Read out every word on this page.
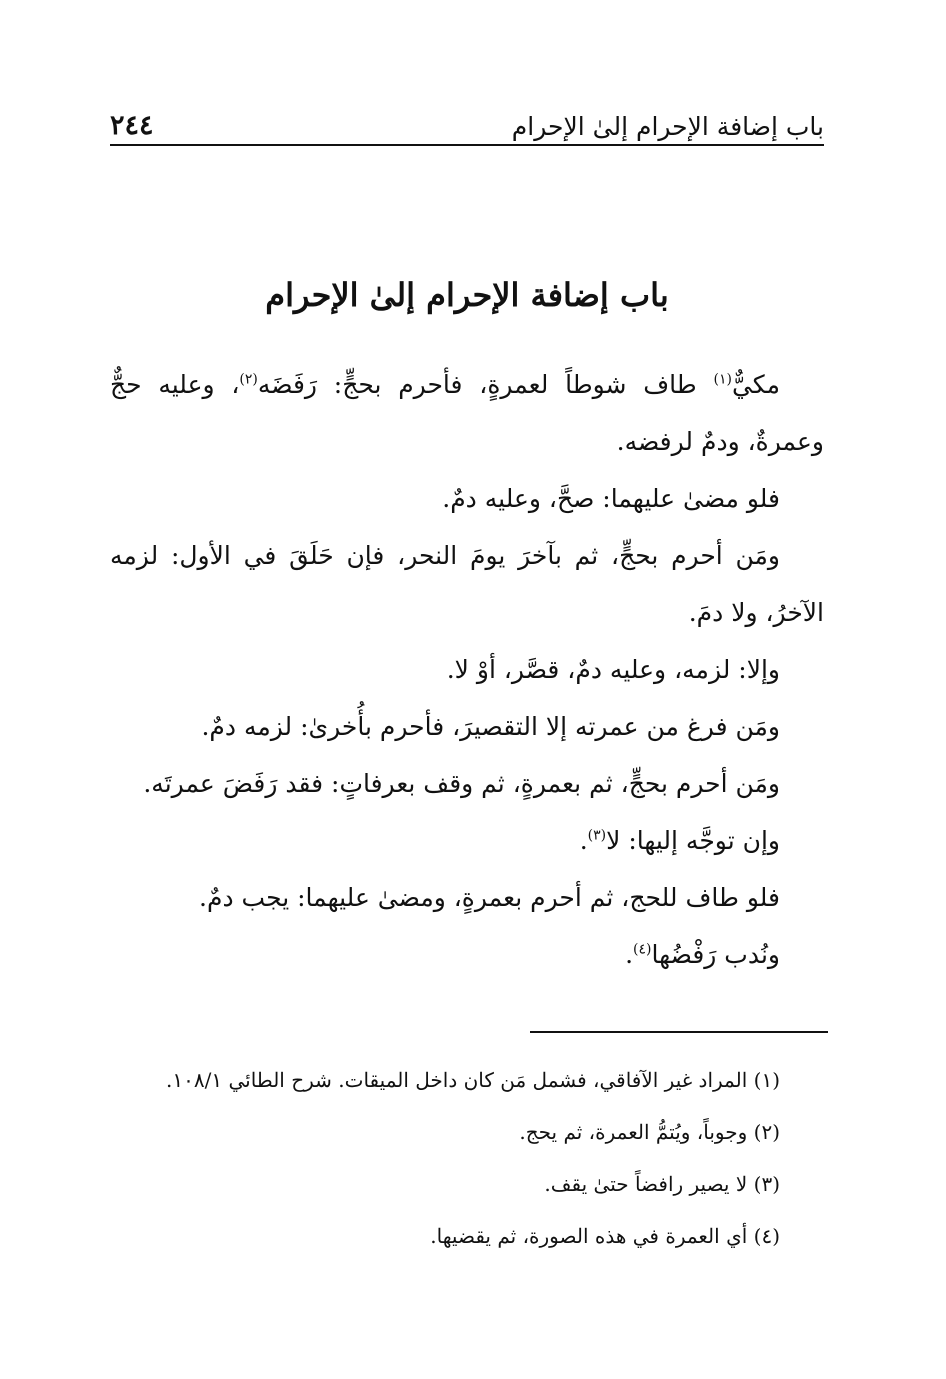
باب إضافة الإحرام إلىٰ الإحرام
٢٤٤
باب إضافة الإحرام إلىٰ الإحرام

مكيٌّ$^{(١)}$ طاف شوطاً لعمرةٍ، فأحرم بحجٍّ: رَفَضَه$^{(٢)}$، وعليه حجٌّ وعمرةٌ، ودمٌ لرفضه.

فلو مضىٰ عليهما: صحَّ، وعليه دمٌ.

ومَن أحرم بحجٍّ، ثم بآخرَ يومَ النحر، فإن حَلَقَ في الأول: لزمه الآخرُ، ولا دمَ.

وإلا: لزمه، وعليه دمٌ، قصَّر، أوْ لا.

ومَن فرغ من عمرته إلا التقصيرَ، فأحرم بأُخرىٰ: لزمه دمٌ.

ومَن أحرم بحجٍّ، ثم بعمرةٍ، ثم وقف بعرفاتٍ: فقد رَفَضَ عمرتَه.

وإن توجَّه إليها: لا$^{(٣)}$.

فلو طاف للحج، ثم أحرم بعمرةٍ، ومضىٰ عليهما: يجب دمٌ.

ونُدب رَفْضُها$^{(٤)}$.

(١) المراد غير الآفاقي، فشمل مَن كان داخل الميقات. شرح الطائي ١٠٨/١.

(٢) وجوباً، ويُتمُّ العمرة، ثم يحج.

(٣) لا يصير رافضاً حتىٰ يقف.

(٤) أي العمرة في هذه الصورة، ثم يقضيها.
